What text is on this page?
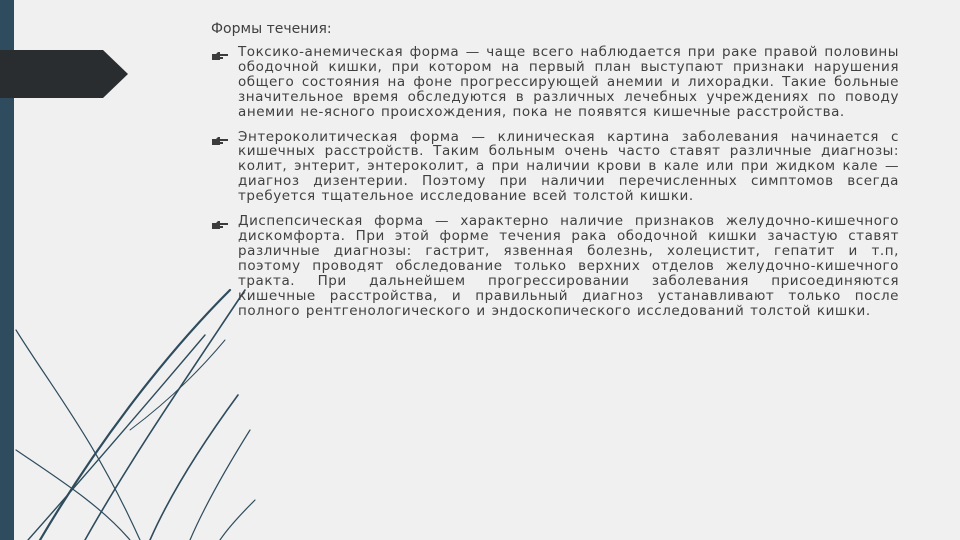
Формы течения:
Токсико-анемическая форма — чаще всего наблюдается при раке правой половины ободочной кишки, при котором на первый план выступают признаки нарушения общего состояния на фоне прогрессирующей анемии и лихорадки. Такие больные значительное время обследуются в различных лечебных учреждениях по поводу анемии не-ясного происхождения, пока не появятся кишечные расстройства.
Энтероколитическая форма — клиническая картина заболевания начинается с кишечных расстройств. Таким больным очень часто ставят различные диагнозы: колит, энтерит, энтероколит, а при наличии крови в кале или при жидком кале — диагноз дизентерии. Поэтому при наличии перечисленных симптомов всегда требуется тщательное исследование всей толстой кишки.
Диспепсическая форма — характерно наличие признаков желудочно-кишечного дискомфорта. При этой форме течения рака ободочной кишки зачастую ставят различные диагнозы: гастрит, язвенная болезнь, холецистит, гепатит и т.п, поэтому проводят обследование только верхних отделов желудочно-кишечного тракта. При дальнейшем прогрессировании заболевания присоединяются кишечные расстройства, и правильный диагноз устанавливают только после полного рентгенологического и эндоскопического исследований толстой кишки.
